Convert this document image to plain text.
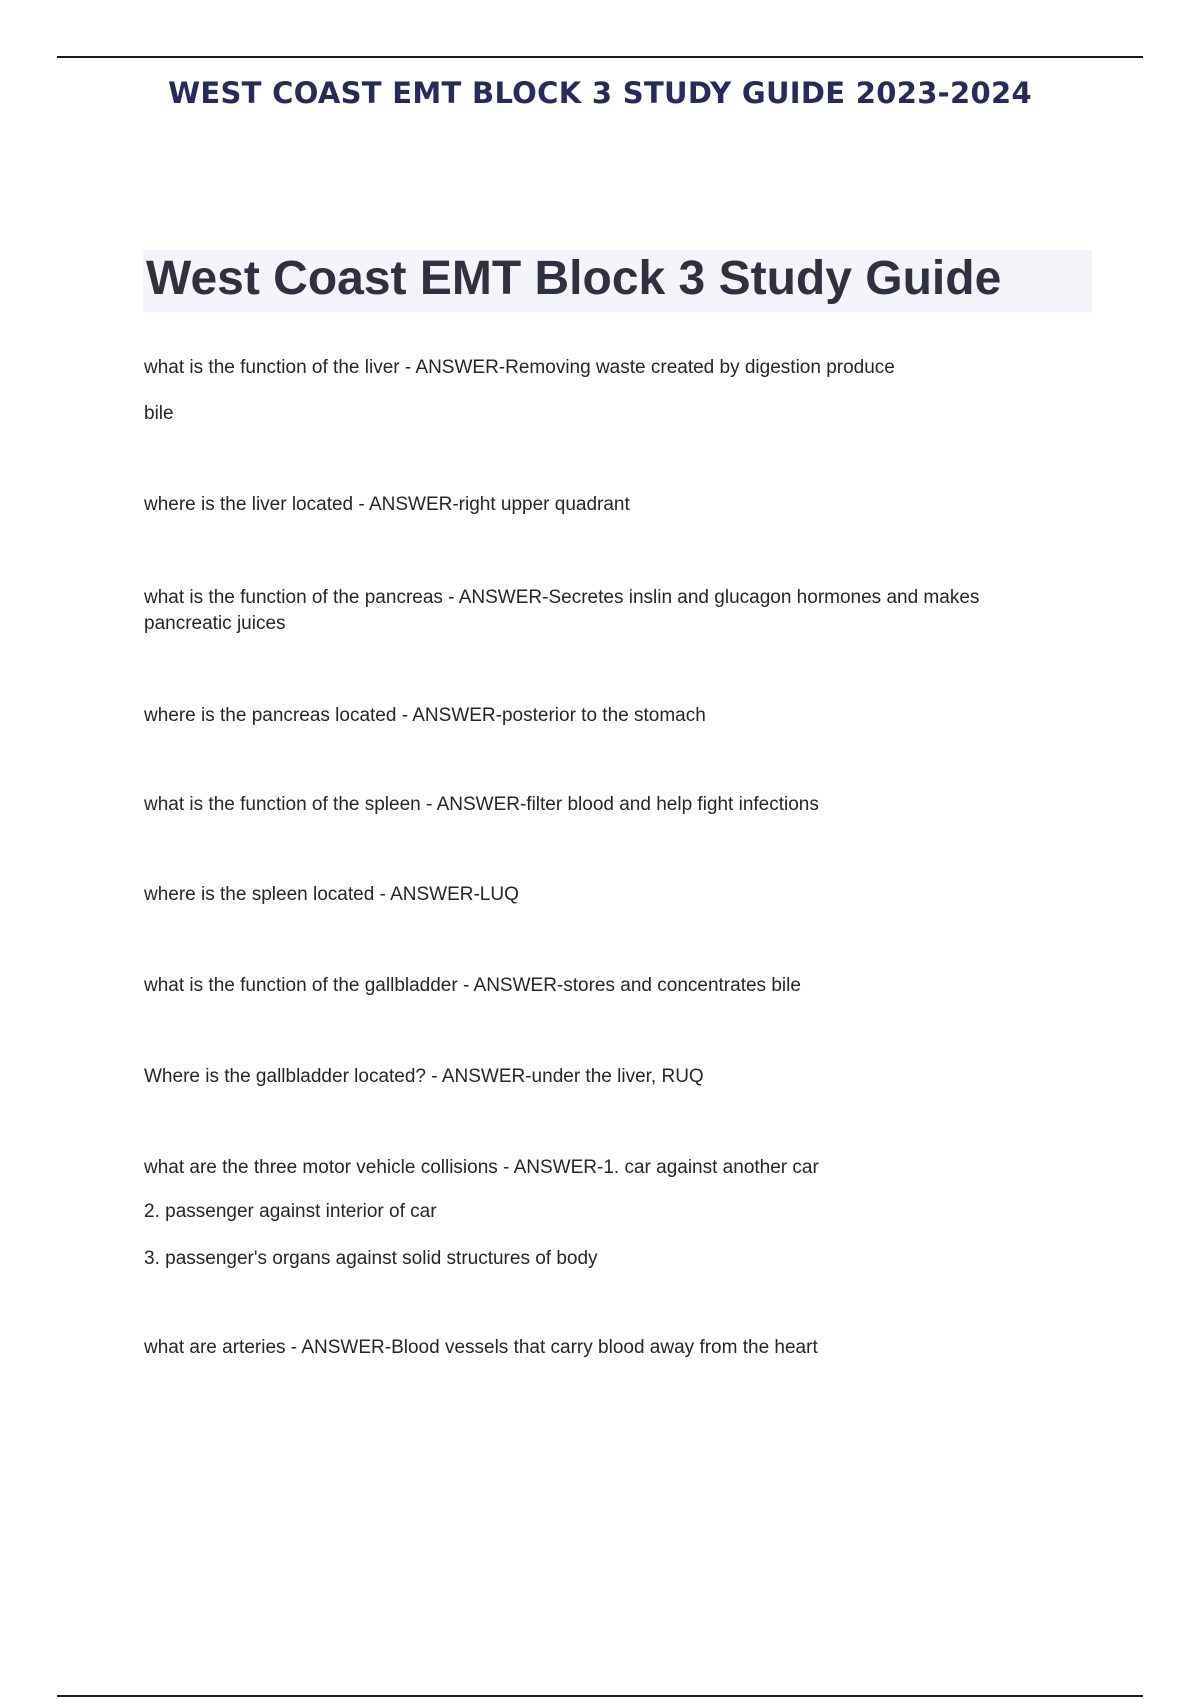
WEST COAST EMT BLOCK 3 STUDY GUIDE 2023-2024
West Coast EMT Block 3 Study Guide
what is the function of the liver - ANSWER-Removing waste created by digestion produce
bile
where is the liver located - ANSWER-right upper quadrant
what is the function of the pancreas - ANSWER-Secretes inslin and glucagon hormones and makes
pancreatic juices
where is the pancreas located - ANSWER-posterior to the stomach
what is the function of the spleen - ANSWER-filter blood and help fight infections
where is the spleen located - ANSWER-LUQ
what is the function of the gallbladder - ANSWER-stores and concentrates bile
Where is the gallbladder located? - ANSWER-under the liver, RUQ
what are the three motor vehicle collisions - ANSWER-1. car against another car
2. passenger against interior of car
3. passenger's organs against solid structures of body
what are arteries - ANSWER-Blood vessels that carry blood away from the heart
